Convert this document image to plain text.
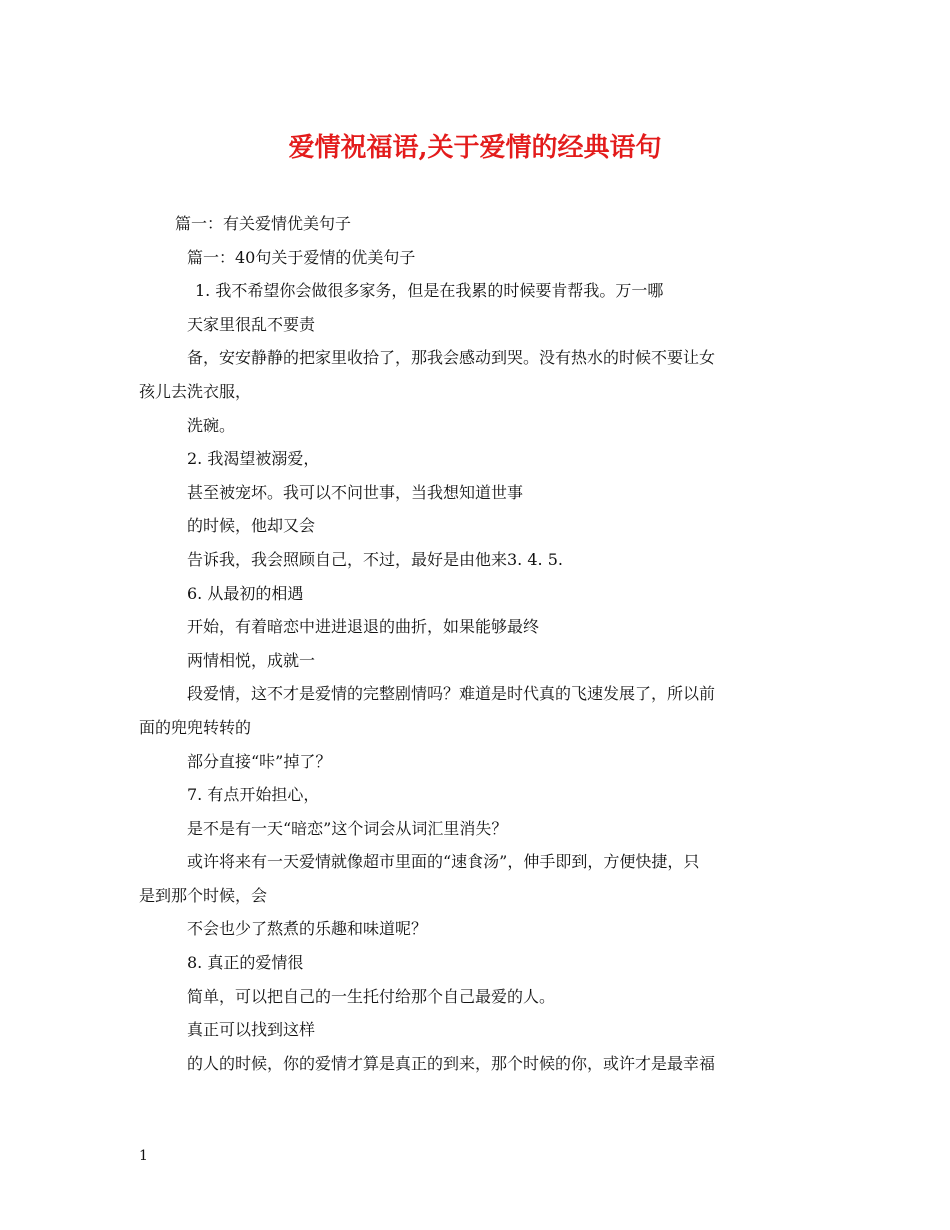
爱情祝福语,关于爱情的经典语句
篇一：有关爱情优美句子
篇一：40句关于爱情的优美句子
1. 我不希望你会做很多家务，但是在我累的时候要肯帮我。万一哪
天家里很乱不要责
备，安安静静的把家里收拾了，那我会感动到哭。没有热水的时候不要让女
孩儿去洗衣服，
洗碗。
2. 我渴望被溺爱，
甚至被宠坏。我可以不问世事，当我想知道世事
的时候，他却又会
告诉我，我会照顾自己，不过，最好是由他来3. 4. 5.
6. 从最初的相遇
开始，有着暗恋中进进退退的曲折，如果能够最终
两情相悦，成就一
段爱情，这不才是爱情的完整剧情吗？难道是时代真的飞速发展了，所以前
面的兜兜转转的
部分直接“咔”掉了？
7. 有点开始担心，
是不是有一天“暗恋”这个词会从词汇里消失？
或许将来有一天爱情就像超市里面的“速食汤”，伸手即到，方便快捷，只
是到那个时候，会
不会也少了熬煮的乐趣和味道呢？
8. 真正的爱情很
简单，可以把自己的一生托付给那个自己最爱的人。
真正可以找到这样
的人的时候，你的爱情才算是真正的到来，那个时候的你，或许才是最幸福
1
